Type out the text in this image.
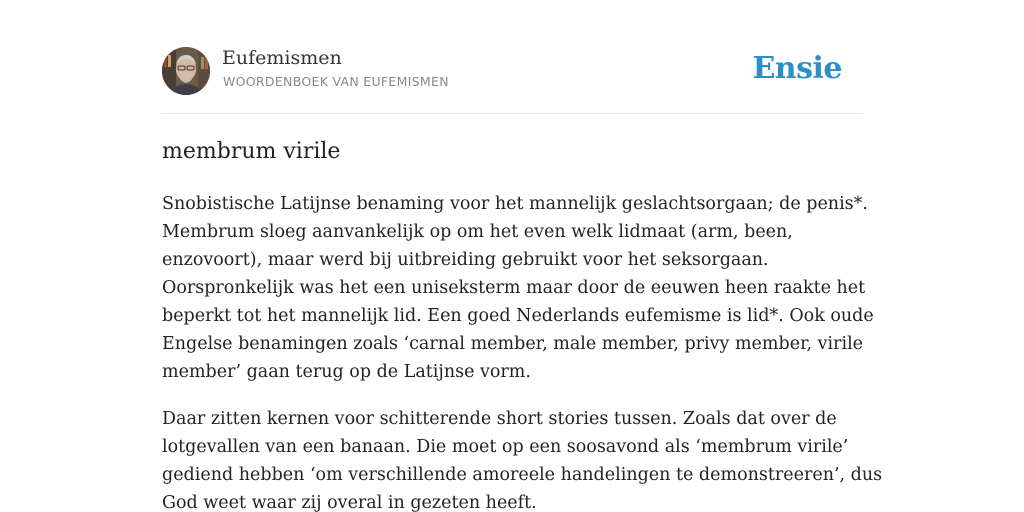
Eufemismen
WOORDENBOEK VAN EUFEMISMEN	Ensie
membrum virile

Snobistische Latijnse benaming voor het mannelijk geslachtsorgaan; de penis*.
Membrum sloeg aanvankelijk op om het even welk lidmaat (arm, been,
enzovoort), maar werd bij uitbreiding gebruikt voor het seksorgaan.
Oorspronkelijk was het een uniseksterm maar door de eeuwen heen raakte het
beperkt tot het mannelijk lid. Een goed Nederlands eufemisme is lid*. Ook oude
Engelse benamingen zoals ‘carnal member, male member, privy member, virile
member’ gaan terug op de Latijnse vorm.

Daar zitten kernen voor schitterende short stories tussen. Zoals dat over de
lotgevallen van een banaan. Die moet op een soosavond als ‘membrum virile’
gediend hebben ‘om verschillende amoreele handelingen te demonstreeren’, dus
God weet waar zij overal in gezeten heeft.
